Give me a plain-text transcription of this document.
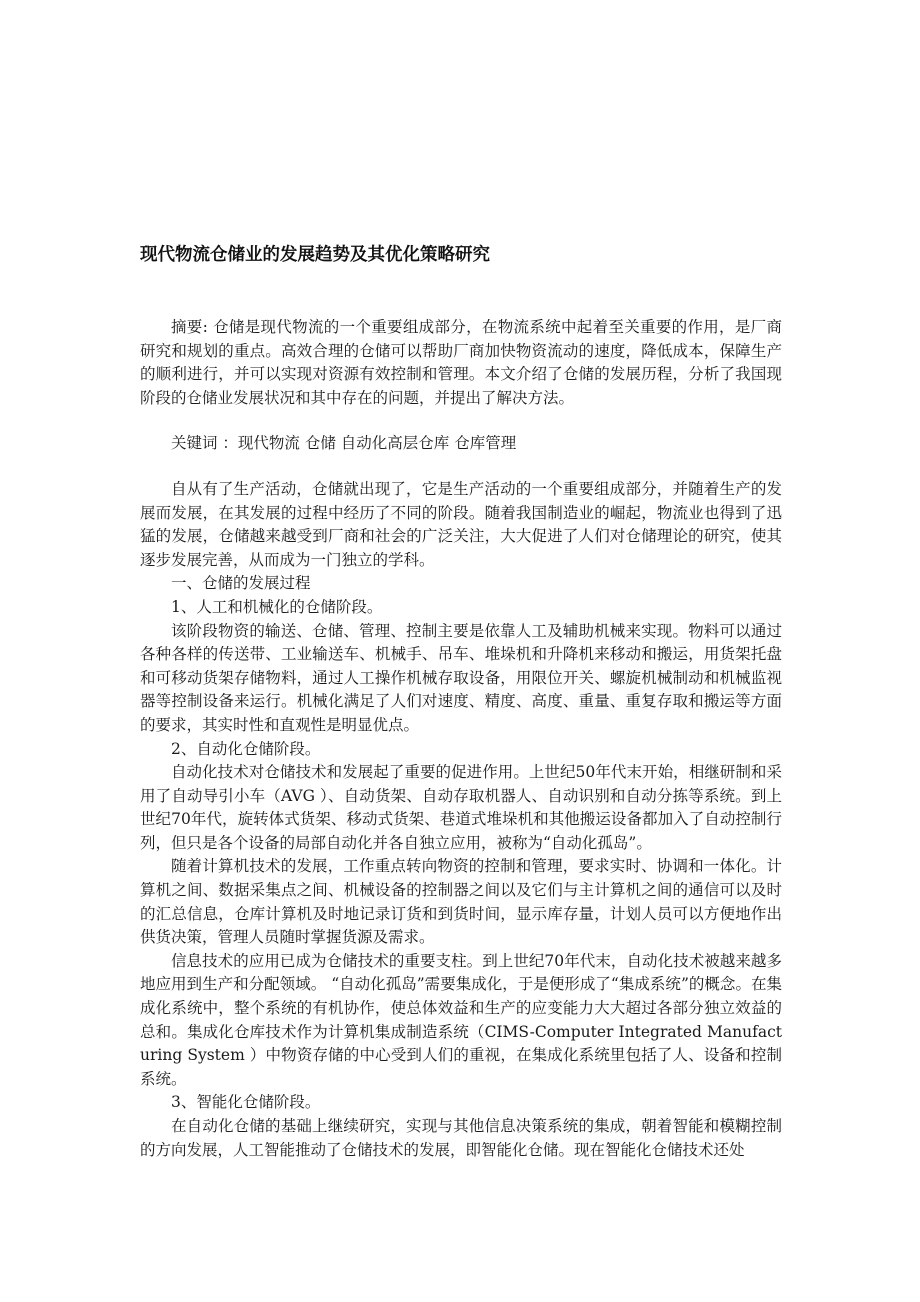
现代物流仓储业的发展趋势及其优化策略研究

摘要: 仓储是现代物流的一个重要组成部分，在物流系统中起着至关重要的作用，是厂商研究和规划的重点。高效合理的仓储可以帮助厂商加快物资流动的速度，降低成本，保障生产的顺利进行，并可以实现对资源有效控制和管理。本文介绍了仓储的发展历程，分析了我国现阶段的仓储业发展状况和其中存在的问题，并提出了解决方法。

关键词 ：现代物流 仓储 自动化高层仓库 仓库管理

自从有了生产活动，仓储就出现了，它是生产活动的一个重要组成部分，并随着生产的发展而发展，在其发展的过程中经历了不同的阶段。随着我国制造业的崛起，物流业也得到了迅猛的发展，仓储越来越受到厂商和社会的广泛关注，大大促进了人们对仓储理论的研究，使其逐步发展完善，从而成为一门独立的学科。

一、仓储的发展过程

1、人工和机械化的仓储阶段。

该阶段物资的输送、仓储、管理、控制主要是依靠人工及辅助机械来实现。物料可以通过各种各样的传送带、工业输送车、机械手、吊车、堆垛机和升降机来移动和搬运，用货架托盘和可移动货架存储物料，通过人工操作机械存取设备，用限位开关、螺旋机械制动和机械监视器等控制设备来运行。机械化满足了人们对速度、精度、高度、重量、重复存取和搬运等方面的要求，其实时性和直观性是明显优点。

2、自动化仓储阶段。

自动化技术对仓储技术和发展起了重要的促进作用。上世纪50年代末开始，相继研制和采用了自动导引小车（AVG ）、自动货架、自动存取机器人、自动识别和自动分拣等系统。到上世纪70年代，旋转体式货架、移动式货架、巷道式堆垛机和其他搬运设备都加入了自动控制行列，但只是各个设备的局部自动化并各自独立应用，被称为“自动化孤岛”。

随着计算机技术的发展，工作重点转向物资的控制和管理，要求实时、协调和一体化。计算机之间、数据采集点之间、机械设备的控制器之间以及它们与主计算机之间的通信可以及时的汇总信息，仓库计算机及时地记录订货和到货时间，显示库存量，计划人员可以方便地作出供货决策，管理人员随时掌握货源及需求。

信息技术的应用已成为仓储技术的重要支柱。到上世纪70年代末，自动化技术被越来越多地应用到生产和分配领域。 “自动化孤岛”需要集成化，于是便形成了“集成系统”的概念。在集成化系统中，整个系统的有机协作，使总体效益和生产的应变能力大大超过各部分独立效益的总和。集成化仓库技术作为计算机集成制造系统（CIMS-Computer Integrated Manufacturing System ）中物资存储的中心受到人们的重视，在集成化系统里包括了人、设备和控制系统。

3、智能化仓储阶段。

在自动化仓储的基础上继续研究，实现与其他信息决策系统的集成，朝着智能和模糊控制的方向发展，人工智能推动了仓储技术的发展，即智能化仓储。现在智能化仓储技术还处
